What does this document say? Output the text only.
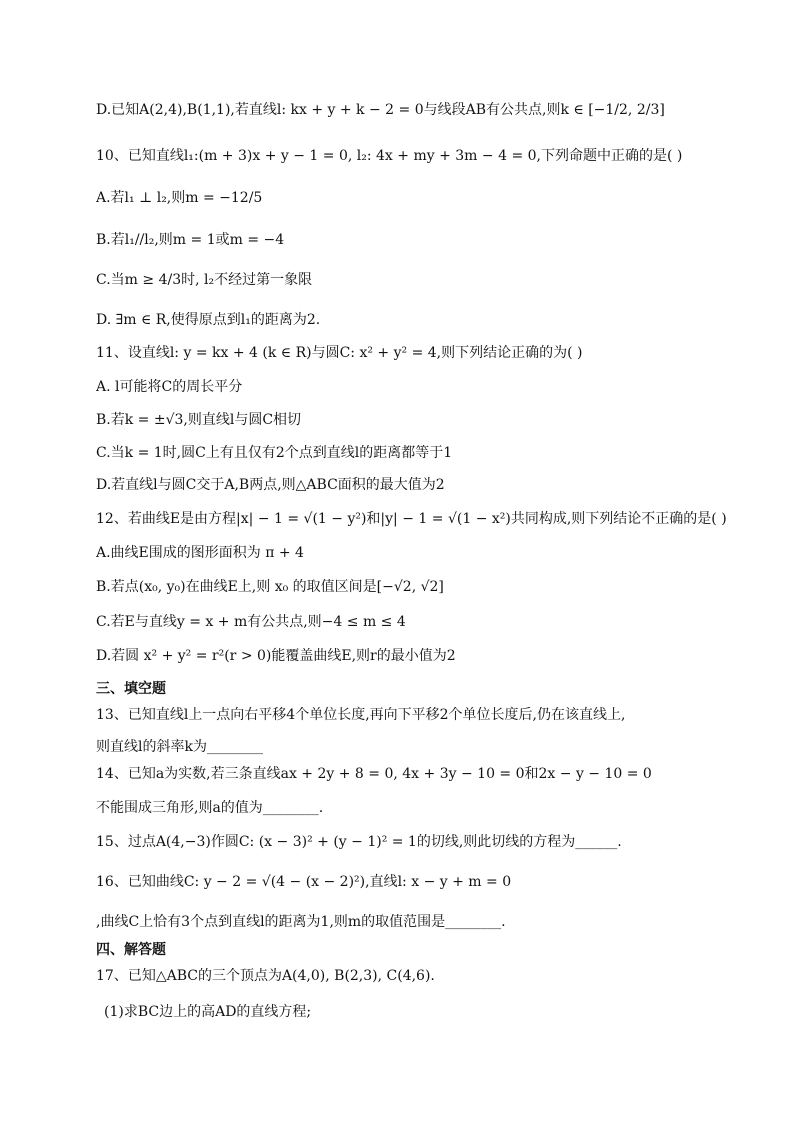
D.已知A(2,4),B(1,1),若直线l: kx + y + k − 2 = 0与线段AB有公共点,则k ∈ [−1/2, 2/3]
10、已知直线l₁:(m + 3)x + y − 1 = 0, l₂: 4x + my + 3m − 4 = 0,下列命题中正确的是( )
A.若l₁ ⊥ l₂,则m = −12/5
B.若l₁//l₂,则m = 1或m = −4
C.当m ≥ 4/3时, l₂不经过第一象限
D. ∃m ∈ R,使得原点到l₁的距离为2.
11、设直线l: y = kx + 4 (k ∈ R)与圆C: x² + y² = 4,则下列结论正确的为( )
A. l可能将C的周长平分
B.若k = ±√3,则直线l与圆C相切
C.当k = 1时,圆C上有且仅有2个点到直线l的距离都等于1
D.若直线l与圆C交于A,B两点,则△ABC面积的最大值为2
12、若曲线E是由方程|x| − 1 = √(1 − y²)和|y| − 1 = √(1 − x²)共同构成,则下列结论不正确的是( )
A.曲线E围成的图形面积为 π + 4
B.若点(x₀, y₀)在曲线E上,则 x₀ 的取值区间是[−√2, √2]
C.若E与直线y = x + m有公共点,则−4 ≤ m ≤ 4
D.若圆 x² + y² = r²(r > 0)能覆盖曲线E,则r的最小值为2
三、填空题
13、已知直线l上一点向右平移4个单位长度,再向下平移2个单位长度后,仍在该直线上,
则直线l的斜率k为________
14、已知a为实数,若三条直线ax + 2y + 8 = 0, 4x + 3y − 10 = 0和2x − y − 10 = 0
不能围成三角形,则a的值为________.
15、过点A(4,−3)作圆C: (x − 3)² + (y − 1)² = 1的切线,则此切线的方程为______.
16、已知曲线C: y − 2 = √(4 − (x − 2)²),直线l: x − y + m = 0
,曲线C上恰有3个点到直线l的距离为1,则m的取值范围是________.
四、解答题
17、已知△ABC的三个顶点为A(4,0), B(2,3), C(4,6).
(1)求BC边上的高AD的直线方程;
